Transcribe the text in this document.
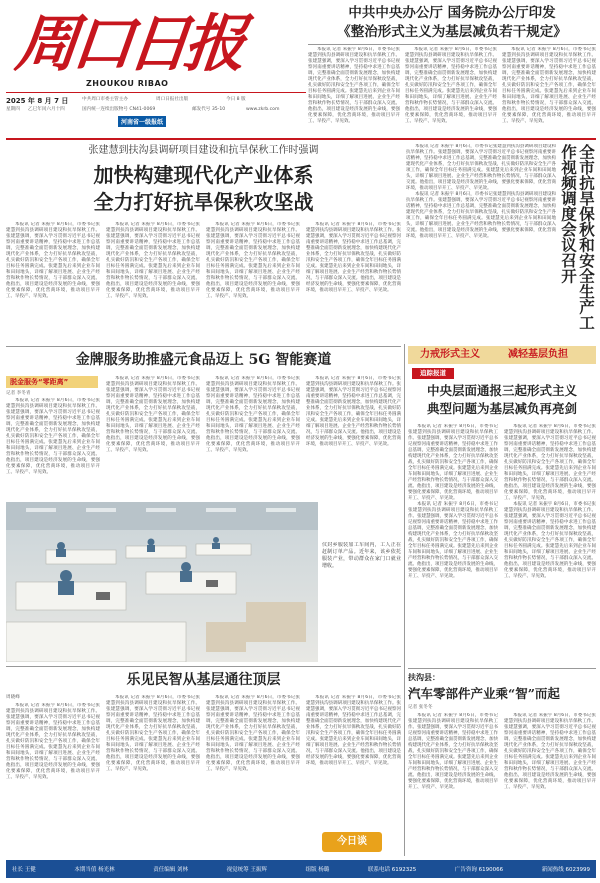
周口日报
ZHOUKOU RIBAO
2025 年 8 月 7 日
星期四 乙巳年闰六月十四
中共周口市委主管主办	周口日报社出版	今日 8 版
国内统一连续出版物号 CN41-0069	邮发代号 35-10	www.zkrb.com
河南省一级报纸
中共中央办公厅 国务院办公厅印发
《整治形式主义为基层减负若干规定》

本报讯 记者 朱振宇 8月6日，市委书记张建慧到扶沟县调研项目建设和抗旱保秋工作。张建慧强调，要深入学习贯彻习近平总书记视察河南重要讲话精神，坚持稳中求进工作总基调，完整准确全面贯彻新发展理念，加快构建现代化产业体系，全力打好抗旱保秋攻坚战，扎实做好防汛和安全生产各项工作，确保全年目标任务圆满完成。张建慧先后来到企业车间和田间地头，详细了解项目进展、企业生产经营和秋作物长势情况，与干部群众深入交流。他指出，项目建设是经济发展的生命线，要强化要素保障，优化营商环境，推动项目早开工、早投产、早见效。

本报讯 记者 朱振宇 8月6日，市委书记张建慧到扶沟县调研项目建设和抗旱保秋工作。张建慧强调，要深入学习贯彻习近平总书记视察河南重要讲话精神，坚持稳中求进工作总基调，完整准确全面贯彻新发展理念，加快构建现代化产业体系，全力打好抗旱保秋攻坚战，扎实做好防汛和安全生产各项工作，确保全年目标任务圆满完成。张建慧先后来到企业车间和田间地头，详细了解项目进展、企业生产经营和秋作物长势情况，与干部群众深入交流。他指出，项目建设是经济发展的生命线，要强化要素保障，优化营商环境，推动项目早开工、早投产、早见效。

本报讯 记者 朱振宇 8月6日，市委书记张建慧到扶沟县调研项目建设和抗旱保秋工作。张建慧强调，要深入学习贯彻习近平总书记视察河南重要讲话精神，坚持稳中求进工作总基调，完整准确全面贯彻新发展理念，加快构建现代化产业体系，全力打好抗旱保秋攻坚战，扎实做好防汛和安全生产各项工作，确保全年目标任务圆满完成。张建慧先后来到企业车间和田间地头，详细了解项目进展、企业生产经营和秋作物长势情况，与干部群众深入交流。他指出，项目建设是经济发展的生命线，要强化要素保障，优化营商环境，推动项目早开工、早投产、早见效。

张建慧到扶沟县调研项目建设和抗旱保秋工作时强调
加快构建现代化产业体系
全力打好抗旱保秋攻坚战

本报讯 记者 朱振宇 8月6日，市委书记张建慧到扶沟县调研项目建设和抗旱保秋工作。张建慧强调，要深入学习贯彻习近平总书记视察河南重要讲话精神，坚持稳中求进工作总基调，完整准确全面贯彻新发展理念，加快构建现代化产业体系，全力打好抗旱保秋攻坚战，扎实做好防汛和安全生产各项工作，确保全年目标任务圆满完成。张建慧先后来到企业车间和田间地头，详细了解项目进展、企业生产经营和秋作物长势情况，与干部群众深入交流。他指出，项目建设是经济发展的生命线，要强化要素保障，优化营商环境，推动项目早开工、早投产、早见效。

本报讯 记者 朱振宇 8月6日，市委书记张建慧到扶沟县调研项目建设和抗旱保秋工作。张建慧强调，要深入学习贯彻习近平总书记视察河南重要讲话精神，坚持稳中求进工作总基调，完整准确全面贯彻新发展理念，加快构建现代化产业体系，全力打好抗旱保秋攻坚战，扎实做好防汛和安全生产各项工作，确保全年目标任务圆满完成。张建慧先后来到企业车间和田间地头，详细了解项目进展、企业生产经营和秋作物长势情况，与干部群众深入交流。他指出，项目建设是经济发展的生命线，要强化要素保障，优化营商环境，推动项目早开工、早投产、早见效。

本报讯 记者 朱振宇 8月6日，市委书记张建慧到扶沟县调研项目建设和抗旱保秋工作。张建慧强调，要深入学习贯彻习近平总书记视察河南重要讲话精神，坚持稳中求进工作总基调，完整准确全面贯彻新发展理念，加快构建现代化产业体系，全力打好抗旱保秋攻坚战，扎实做好防汛和安全生产各项工作，确保全年目标任务圆满完成。张建慧先后来到企业车间和田间地头，详细了解项目进展、企业生产经营和秋作物长势情况，与干部群众深入交流。他指出，项目建设是经济发展的生命线，要强化要素保障，优化营商环境，推动项目早开工、早投产、早见效。

本报讯 记者 朱振宇 8月6日，市委书记张建慧到扶沟县调研项目建设和抗旱保秋工作。张建慧强调，要深入学习贯彻习近平总书记视察河南重要讲话精神，坚持稳中求进工作总基调，完整准确全面贯彻新发展理念，加快构建现代化产业体系，全力打好抗旱保秋攻坚战，扎实做好防汛和安全生产各项工作，确保全年目标任务圆满完成。张建慧先后来到企业车间和田间地头，详细了解项目进展、企业生产经营和秋作物长势情况，与干部群众深入交流。他指出，项目建设是经济发展的生命线，要强化要素保障，优化营商环境，推动项目早开工、早投产、早见效。

本报讯 记者 朱振宇 8月6日，市委书记张建慧到扶沟县调研项目建设和抗旱保秋工作。张建慧强调，要深入学习贯彻习近平总书记视察河南重要讲话精神，坚持稳中求进工作总基调，完整准确全面贯彻新发展理念，加快构建现代化产业体系，全力打好抗旱保秋攻坚战，扎实做好防汛和安全生产各项工作，确保全年目标任务圆满完成。张建慧先后来到企业车间和田间地头，详细了解项目进展、企业生产经营和秋作物长势情况，与干部群众深入交流。他指出，项目建设是经济发展的生命线，要强化要素保障，优化营商环境，推动项目早开工、早投产、早见效。

本报讯 记者 朱振宇 8月6日，市委书记张建慧到扶沟县调研项目建设和抗旱保秋工作。张建慧强调，要深入学习贯彻习近平总书记视察河南重要讲话精神，坚持稳中求进工作总基调，完整准确全面贯彻新发展理念，加快构建现代化产业体系，全力打好抗旱保秋攻坚战，扎实做好防汛和安全生产各项工作，确保全年目标任务圆满完成。张建慧先后来到企业车间和田间地头，详细了解项目进展、企业生产经营和秋作物长势情况，与干部群众深入交流。他指出，项目建设是经济发展的生命线，要强化要素保障，优化营商环境，推动项目早开工、早投产、早见效。	全市抗旱保秋和安全生产工作视频调度会议召开
金牌服务助推盛元食品迈上 5G 智能赛道
脱金服务“零距离”
记者 李冬青

本报讯 记者 朱振宇 8月6日，市委书记张建慧到扶沟县调研项目建设和抗旱保秋工作。张建慧强调，要深入学习贯彻习近平总书记视察河南重要讲话精神，坚持稳中求进工作总基调，完整准确全面贯彻新发展理念，加快构建现代化产业体系，全力打好抗旱保秋攻坚战，扎实做好防汛和安全生产各项工作，确保全年目标任务圆满完成。张建慧先后来到企业车间和田间地头，详细了解项目进展、企业生产经营和秋作物长势情况，与干部群众深入交流。他指出，项目建设是经济发展的生命线，要强化要素保障，优化营商环境，推动项目早开工、早投产、早见效。

本报讯 记者 朱振宇 8月6日，市委书记张建慧到扶沟县调研项目建设和抗旱保秋工作。张建慧强调，要深入学习贯彻习近平总书记视察河南重要讲话精神，坚持稳中求进工作总基调，完整准确全面贯彻新发展理念，加快构建现代化产业体系，全力打好抗旱保秋攻坚战，扎实做好防汛和安全生产各项工作，确保全年目标任务圆满完成。张建慧先后来到企业车间和田间地头，详细了解项目进展、企业生产经营和秋作物长势情况，与干部群众深入交流。他指出，项目建设是经济发展的生命线，要强化要素保障，优化营商环境，推动项目早开工、早投产、早见效。

本报讯 记者 朱振宇 8月6日，市委书记张建慧到扶沟县调研项目建设和抗旱保秋工作。张建慧强调，要深入学习贯彻习近平总书记视察河南重要讲话精神，坚持稳中求进工作总基调，完整准确全面贯彻新发展理念，加快构建现代化产业体系，全力打好抗旱保秋攻坚战，扎实做好防汛和安全生产各项工作，确保全年目标任务圆满完成。张建慧先后来到企业车间和田间地头，详细了解项目进展、企业生产经营和秋作物长势情况，与干部群众深入交流。他指出，项目建设是经济发展的生命线，要强化要素保障，优化营商环境，推动项目早开工、早投产、早见效。

本报讯 记者 朱振宇 8月6日，市委书记张建慧到扶沟县调研项目建设和抗旱保秋工作。张建慧强调，要深入学习贯彻习近平总书记视察河南重要讲话精神，坚持稳中求进工作总基调，完整准确全面贯彻新发展理念，加快构建现代化产业体系，全力打好抗旱保秋攻坚战，扎实做好防汛和安全生产各项工作，确保全年目标任务圆满完成。张建慧先后来到企业车间和田间地头，详细了解项目进展、企业生产经营和秋作物长势情况，与干部群众深入交流。他指出，项目建设是经济发展的生命线，要强化要素保障，优化营商环境，推动项目早开工、早投产、早见效。

仪封乡服装加工车间内，工人正在赶制订单产品。近年来，该乡依托服装产业，带动群众在家门口就业增收。
乐见民智从基层通往顶层
周晓峰

本报讯 记者 朱振宇 8月6日，市委书记张建慧到扶沟县调研项目建设和抗旱保秋工作。张建慧强调，要深入学习贯彻习近平总书记视察河南重要讲话精神，坚持稳中求进工作总基调，完整准确全面贯彻新发展理念，加快构建现代化产业体系，全力打好抗旱保秋攻坚战，扎实做好防汛和安全生产各项工作，确保全年目标任务圆满完成。张建慧先后来到企业车间和田间地头，详细了解项目进展、企业生产经营和秋作物长势情况，与干部群众深入交流。他指出，项目建设是经济发展的生命线，要强化要素保障，优化营商环境，推动项目早开工、早投产、早见效。

本报讯 记者 朱振宇 8月6日，市委书记张建慧到扶沟县调研项目建设和抗旱保秋工作。张建慧强调，要深入学习贯彻习近平总书记视察河南重要讲话精神，坚持稳中求进工作总基调，完整准确全面贯彻新发展理念，加快构建现代化产业体系，全力打好抗旱保秋攻坚战，扎实做好防汛和安全生产各项工作，确保全年目标任务圆满完成。张建慧先后来到企业车间和田间地头，详细了解项目进展、企业生产经营和秋作物长势情况，与干部群众深入交流。他指出，项目建设是经济发展的生命线，要强化要素保障，优化营商环境，推动项目早开工、早投产、早见效。

本报讯 记者 朱振宇 8月6日，市委书记张建慧到扶沟县调研项目建设和抗旱保秋工作。张建慧强调，要深入学习贯彻习近平总书记视察河南重要讲话精神，坚持稳中求进工作总基调，完整准确全面贯彻新发展理念，加快构建现代化产业体系，全力打好抗旱保秋攻坚战，扎实做好防汛和安全生产各项工作，确保全年目标任务圆满完成。张建慧先后来到企业车间和田间地头，详细了解项目进展、企业生产经营和秋作物长势情况，与干部群众深入交流。他指出，项目建设是经济发展的生命线，要强化要素保障，优化营商环境，推动项目早开工、早投产、早见效。

本报讯 记者 朱振宇 8月6日，市委书记张建慧到扶沟县调研项目建设和抗旱保秋工作。张建慧强调，要深入学习贯彻习近平总书记视察河南重要讲话精神，坚持稳中求进工作总基调，完整准确全面贯彻新发展理念，加快构建现代化产业体系，全力打好抗旱保秋攻坚战，扎实做好防汛和安全生产各项工作，确保全年目标任务圆满完成。张建慧先后来到企业车间和田间地头，详细了解项目进展、企业生产经营和秋作物长势情况，与干部群众深入交流。他指出，项目建设是经济发展的生命线，要强化要素保障，优化营商环境，推动项目早开工、早投产、早见效。

今日谈
力戒形式主义	减轻基层负担
追踪报道
中央层面通报三起形式主义
典型问题为基层减负再亮剑

本报讯 记者 朱振宇 8月6日，市委书记张建慧到扶沟县调研项目建设和抗旱保秋工作。张建慧强调，要深入学习贯彻习近平总书记视察河南重要讲话精神，坚持稳中求进工作总基调，完整准确全面贯彻新发展理念，加快构建现代化产业体系，全力打好抗旱保秋攻坚战，扎实做好防汛和安全生产各项工作，确保全年目标任务圆满完成。张建慧先后来到企业车间和田间地头，详细了解项目进展、企业生产经营和秋作物长势情况，与干部群众深入交流。他指出，项目建设是经济发展的生命线，要强化要素保障，优化营商环境，推动项目早开工、早投产、早见效。

本报讯 记者 朱振宇 8月6日，市委书记张建慧到扶沟县调研项目建设和抗旱保秋工作。张建慧强调，要深入学习贯彻习近平总书记视察河南重要讲话精神，坚持稳中求进工作总基调，完整准确全面贯彻新发展理念，加快构建现代化产业体系，全力打好抗旱保秋攻坚战，扎实做好防汛和安全生产各项工作，确保全年目标任务圆满完成。张建慧先后来到企业车间和田间地头，详细了解项目进展、企业生产经营和秋作物长势情况，与干部群众深入交流。他指出，项目建设是经济发展的生命线，要强化要素保障，优化营商环境，推动项目早开工、早投产、早见效。

本报讯 记者 朱振宇 8月6日，市委书记张建慧到扶沟县调研项目建设和抗旱保秋工作。张建慧强调，要深入学习贯彻习近平总书记视察河南重要讲话精神，坚持稳中求进工作总基调，完整准确全面贯彻新发展理念，加快构建现代化产业体系，全力打好抗旱保秋攻坚战，扎实做好防汛和安全生产各项工作，确保全年目标任务圆满完成。张建慧先后来到企业车间和田间地头，详细了解项目进展、企业生产经营和秋作物长势情况，与干部群众深入交流。他指出，项目建设是经济发展的生命线，要强化要素保障，优化营商环境，推动项目早开工、早投产、早见效。

本报讯 记者 朱振宇 8月6日，市委书记张建慧到扶沟县调研项目建设和抗旱保秋工作。张建慧强调，要深入学习贯彻习近平总书记视察河南重要讲话精神，坚持稳中求进工作总基调，完整准确全面贯彻新发展理念，加快构建现代化产业体系，全力打好抗旱保秋攻坚战，扎实做好防汛和安全生产各项工作，确保全年目标任务圆满完成。张建慧先后来到企业车间和田间地头，详细了解项目进展、企业生产经营和秋作物长势情况，与干部群众深入交流。他指出，项目建设是经济发展的生命线，要强化要素保障，优化营商环境，推动项目早开工、早投产、早见效。

扶沟县：
汽车零部件产业乘“智”而起
记者 张冬冬

本报讯 记者 朱振宇 8月6日，市委书记张建慧到扶沟县调研项目建设和抗旱保秋工作。张建慧强调，要深入学习贯彻习近平总书记视察河南重要讲话精神，坚持稳中求进工作总基调，完整准确全面贯彻新发展理念，加快构建现代化产业体系，全力打好抗旱保秋攻坚战，扎实做好防汛和安全生产各项工作，确保全年目标任务圆满完成。张建慧先后来到企业车间和田间地头，详细了解项目进展、企业生产经营和秋作物长势情况，与干部群众深入交流。他指出，项目建设是经济发展的生命线，要强化要素保障，优化营商环境，推动项目早开工、早投产、早见效。

本报讯 记者 朱振宇 8月6日，市委书记张建慧到扶沟县调研项目建设和抗旱保秋工作。张建慧强调，要深入学习贯彻习近平总书记视察河南重要讲话精神，坚持稳中求进工作总基调，完整准确全面贯彻新发展理念，加快构建现代化产业体系，全力打好抗旱保秋攻坚战，扎实做好防汛和安全生产各项工作，确保全年目标任务圆满完成。张建慧先后来到企业车间和田间地头，详细了解项目进展、企业生产经营和秋作物长势情况，与干部群众深入交流。他指出，项目建设是经济发展的生命线，要强化要素保障，优化营商环境，推动项目早开工、早投产、早见效。

社长 王健	本期当值 杨光林	责任编辑 刘林	视觉统筹 王振辉	组版 杨璐	联系电话 6192325	广告咨询 6190066	新闻热线 6023999
